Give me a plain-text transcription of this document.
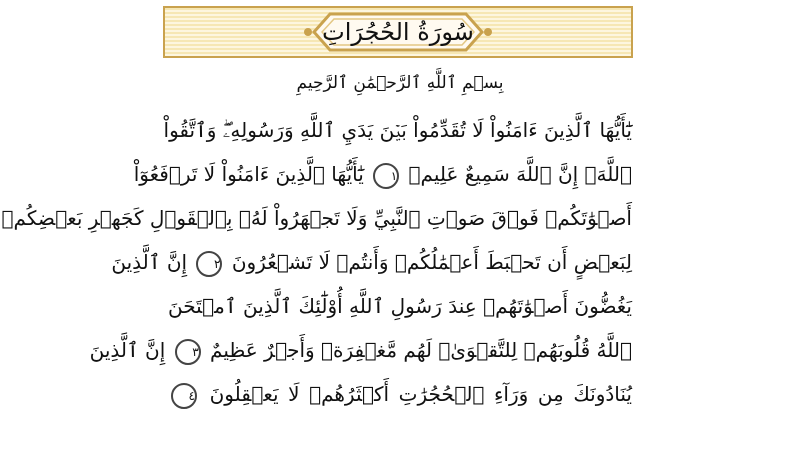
سُورَةُ الحُجُرَاتِ
بِسۡمِ ٱللَّهِ ٱلرَّحۡمَٰنِ ٱلرَّحِيمِ
يَٰٓأَيُّهَا ٱلَّذِينَ ءَامَنُواْ لَا تُقَدِّمُواْ بَيۡنَ يَدَيِ ٱللَّهِ وَرَسُولِهِۦۖ وَٱتَّقُواْ
ٱللَّهَۚ إِنَّ ٱللَّهَ سَمِيعٌ عَلِيمٞ ١ يَٰٓأَيُّهَا ٱلَّذِينَ ءَامَنُواْ لَا تَرۡفَعُوٓاْ
أَصۡوَٰتَكُمۡ فَوۡقَ صَوۡتِ ٱلنَّبِيِّ وَلَا تَجۡهَرُواْ لَهُۥ بِٱلۡقَوۡلِ كَجَهۡرِ بَعۡضِكُمۡ
لِبَعۡضٍ أَن تَحۡبَطَ أَعۡمَٰلُكُمۡ وَأَنتُمۡ لَا تَشۡعُرُونَ ٢ إِنَّ ٱلَّذِينَ
يَغُضُّونَ أَصۡوَٰتَهُمۡ عِندَ رَسُولِ ٱللَّهِ أُوْلَٰٓئِكَ ٱلَّذِينَ ٱمۡتَحَنَ
ٱللَّهُ قُلُوبَهُمۡ لِلتَّقۡوَىٰۚ لَهُم مَّغۡفِرَةٞ وَأَجۡرٌ عَظِيمٌ ٣ إِنَّ ٱلَّذِينَ
يُنَادُونَكَ مِن وَرَآءِ ٱلۡحُجُرَٰتِ أَكۡثَرُهُمۡ لَا يَعۡقِلُونَ ٤
